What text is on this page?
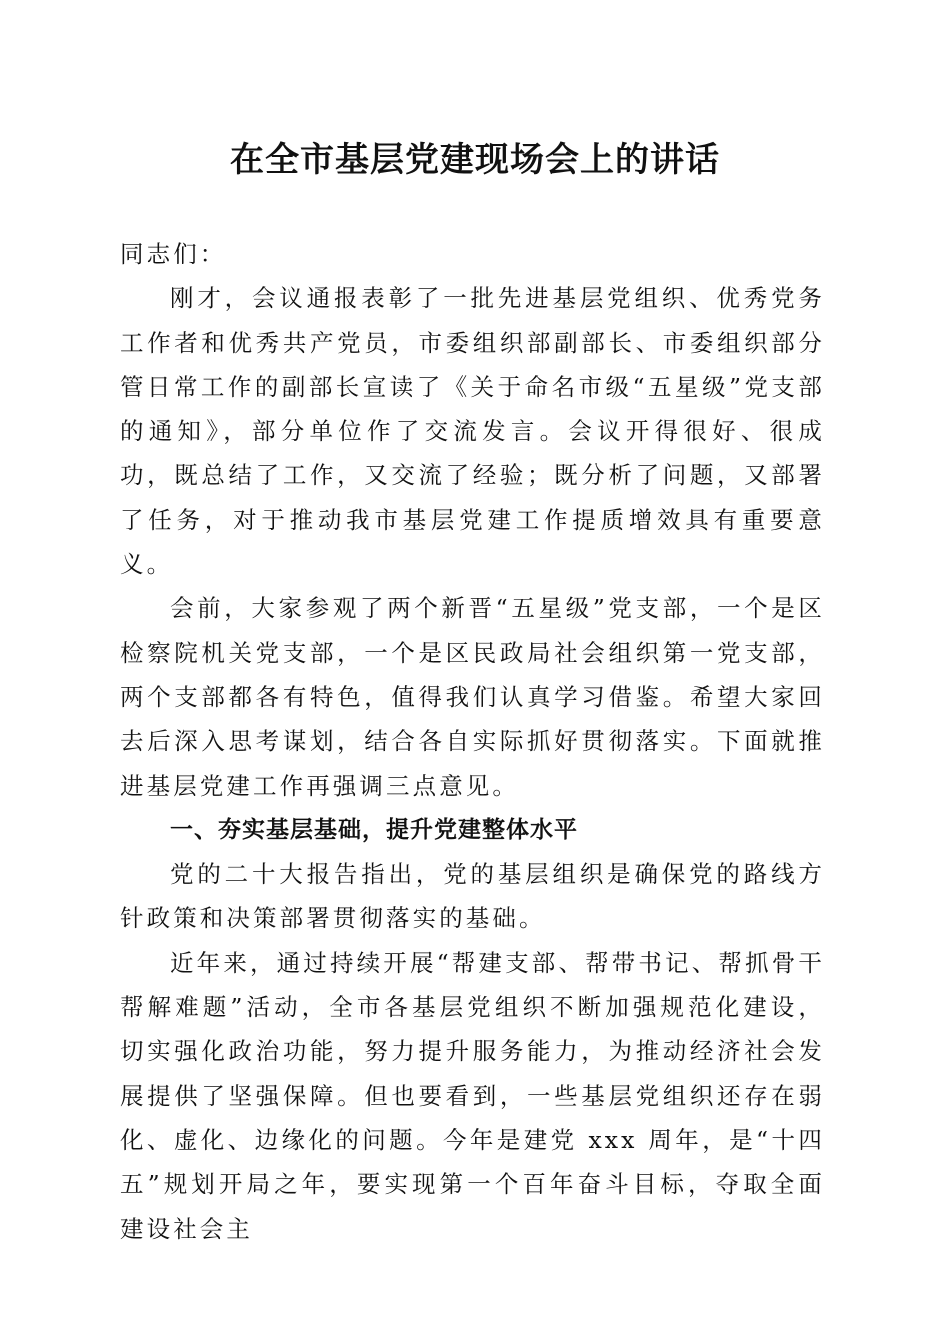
在全市基层党建现场会上的讲话

同志们：

刚才，会议通报表彰了一批先进基层党组织、优秀党务工作者和优秀共产党员，市委组织部副部长、市委组织部分管日常工作的副部长宣读了《关于命名市级“五星级”党支部的通知》，部分单位作了交流发言。会议开得很好、很成功，既总结了工作，又交流了经验；既分析了问题，又部署了任务，对于推动我市基层党建工作提质增效具有重要意义。

会前，大家参观了两个新晋“五星级”党支部，一个是区检察院机关党支部，一个是区民政局社会组织第一党支部，两个支部都各有特色，值得我们认真学习借鉴。希望大家回去后深入思考谋划，结合各自实际抓好贯彻落实。下面就推进基层党建工作再强调三点意见。

一、夯实基层基础，提升党建整体水平

党的二十大报告指出，党的基层组织是确保党的路线方针政策和决策部署贯彻落实的基础。

近年来，通过持续开展“帮建支部、帮带书记、帮抓骨干帮解难题”活动，全市各基层党组织不断加强规范化建设，切实强化政治功能，努力提升服务能力，为推动经济社会发展提供了坚强保障。但也要看到，一些基层党组织还存在弱化、虚化、边缘化的问题。今年是建党 xxx 周年，是“十四五”规划开局之年，要实现第一个百年奋斗目标，夺取全面建设社会主
